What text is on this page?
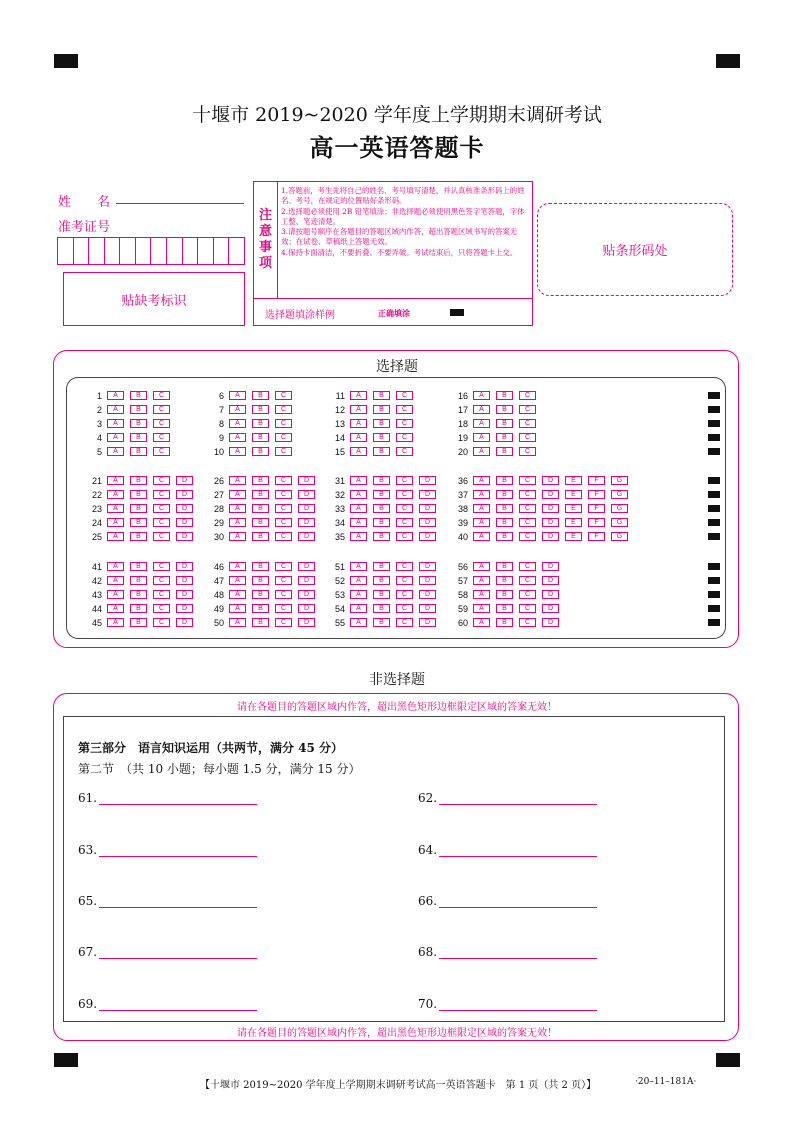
十堰市 2019~2020 学年度上学期期末调研考试
高一英语答题卡
姓　　名
准考证号
贴缺考标识
注
意
事
项
1.答题前，考生先将自己的姓名、考号填写清楚，并认真核准条形码上的姓名、考号，在规定的位置贴好条形码。
2.选择题必须使用 2B 铅笔填涂；非选择题必须使用黑色签字笔答题，字体工整、笔迹清楚。
3.请按题号顺序在各题目的答题区域内作答，超出答题区域书写的答案无效；在试卷、草稿纸上答题无效。
4.保持卡面清洁，不要折叠、不要弄破。考试结束后，只将答题卡上交。
选择题填涂样例	正确填涂
贴条形码处
选择题
1	A	B	C
2	A	B	C
3	A	B	C
4	A	B	C
5	A	B	C
6	A	B	C
7	A	B	C
8	A	B	C
9	A	B	C
10	A	B	C
11	A	B	C
12	A	B	C
13	A	B	C
14	A	B	C
15	A	B	C
16	A	B	C
17	A	B	C
18	A	B	C
19	A	B	C
20	A	B	C
21	A	B	C	D
22	A	B	C	D
23	A	B	C	D
24	A	B	C	D
25	A	B	C	D
26	A	B	C	D
27	A	B	C	D
28	A	B	C	D
29	A	B	C	D
30	A	B	C	D
31	A	B	C	D
32	A	B	C	D
33	A	B	C	D
34	A	B	C	D
35	A	B	C	D
36	A	B	C	D	E	F	G
37	A	B	C	D	E	F	G
38	A	B	C	D	E	F	G
39	A	B	C	D	E	F	G
40	A	B	C	D	E	F	G
41	A	B	C	D
42	A	B	C	D
43	A	B	C	D
44	A	B	C	D
45	A	B	C	D
46	A	B	C	D
47	A	B	C	D
48	A	B	C	D
49	A	B	C	D
50	A	B	C	D
51	A	B	C	D
52	A	B	C	D
53	A	B	C	D
54	A	B	C	D
55	A	B	C	D
56	A	B	C	D
57	A	B	C	D
58	A	B	C	D
59	A	B	C	D
60	A	B	C	D
非选择题
请在各题目的答题区域内作答，超出黑色矩形边框限定区域的答案无效！
第三部分　语言知识运用（共两节，满分 45 分）
第二节　（共 10 小题；每小题 1.5 分，满分 15 分）
61.	62.
63.	64.
65.	66.
67.	68.
69.	70.
请在各题目的答题区域内作答，超出黑色矩形边框限定区域的答案无效！
【十堰市 2019~2020 学年度上学期期末调研考试高一英语答题卡　第 1 页（共 2 页）】	·20–11–181A·
